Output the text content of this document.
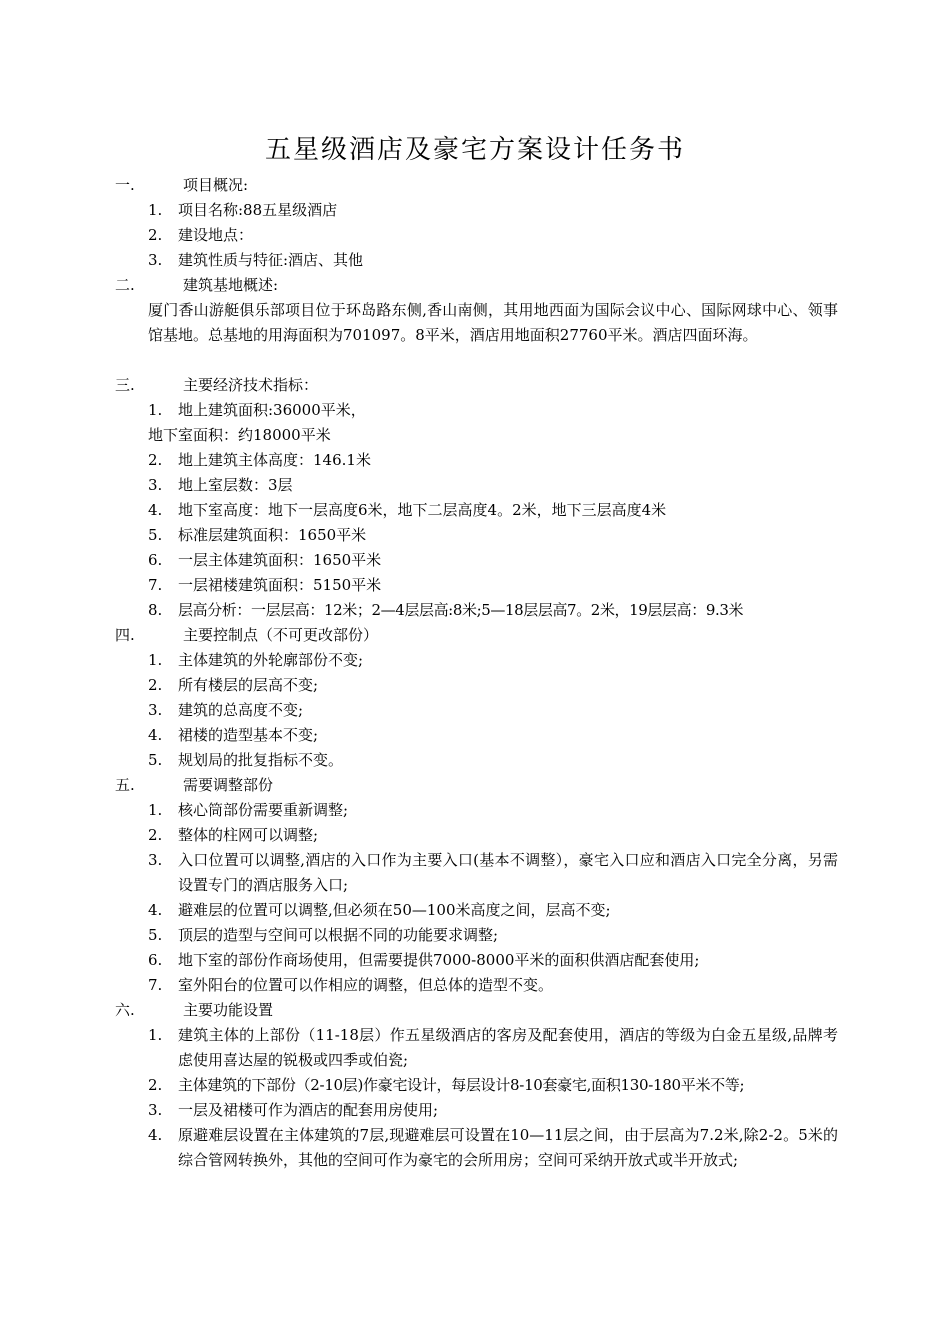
五星级酒店及豪宅方案设计任务书
一.	项目概况:
1. 项目名称:88五星级酒店
2. 建设地点：
3. 建筑性质与特征:酒店、其他
二.	建筑基地概述:
厦门香山游艇俱乐部项目位于环岛路东侧,香山南侧，其用地西面为国际会议中心、国际网球中心、领事馆基地。总基地的用海面积为701097。8平米，酒店用地面积27760平米。酒店四面环海。
三.	主要经济技术指标：
1. 地上建筑面积:36000平米，
地下室面积：约18000平米
2. 地上建筑主体高度：146.1米
3. 地上室层数：3层
4. 地下室高度：地下一层高度6米，地下二层高度4。2米，地下三层高度4米
5. 标准层建筑面积：1650平米
6. 一层主体建筑面积：1650平米
7. 一层裙楼建筑面积：5150平米
8. 层高分析：一层层高：12米；2—4层层高:8米;5—18层层高7。2米，19层层高：9.3米
四.	主要控制点（不可更改部份）
1. 主体建筑的外轮廓部份不变;
2. 所有楼层的层高不变;
3. 建筑的总高度不变;
4. 裙楼的造型基本不变;
5. 规划局的批复指标不变。
五.	需要调整部份
1. 核心筒部份需要重新调整;
2. 整体的柱网可以调整;
3. 入口位置可以调整,酒店的入口作为主要入口(基本不调整），豪宅入口应和酒店入口完全分离，另需设置专门的酒店服务入口;
4. 避难层的位置可以调整,但必须在50—100米高度之间，层高不变;
5. 顶层的造型与空间可以根据不同的功能要求调整;
6. 地下室的部份作商场使用，但需要提供7000-8000平米的面积供酒店配套使用;
7. 室外阳台的位置可以作相应的调整，但总体的造型不变。
六.	主要功能设置
1. 建筑主体的上部份（11-18层）作五星级酒店的客房及配套使用，酒店的等级为白金五星级,品牌考虑使用喜达屋的锐极或四季或伯瓷;
2. 主体建筑的下部份（2-10层)作豪宅设计，每层设计8-10套豪宅,面积130-180平米不等;
3. 一层及裙楼可作为酒店的配套用房使用;
4. 原避难层设置在主体建筑的7层,现避难层可设置在10—11层之间，由于层高为7.2米,除2-2。5米的综合管网转换外，其他的空间可作为豪宅的会所用房；空间可采纳开放式或半开放式;
